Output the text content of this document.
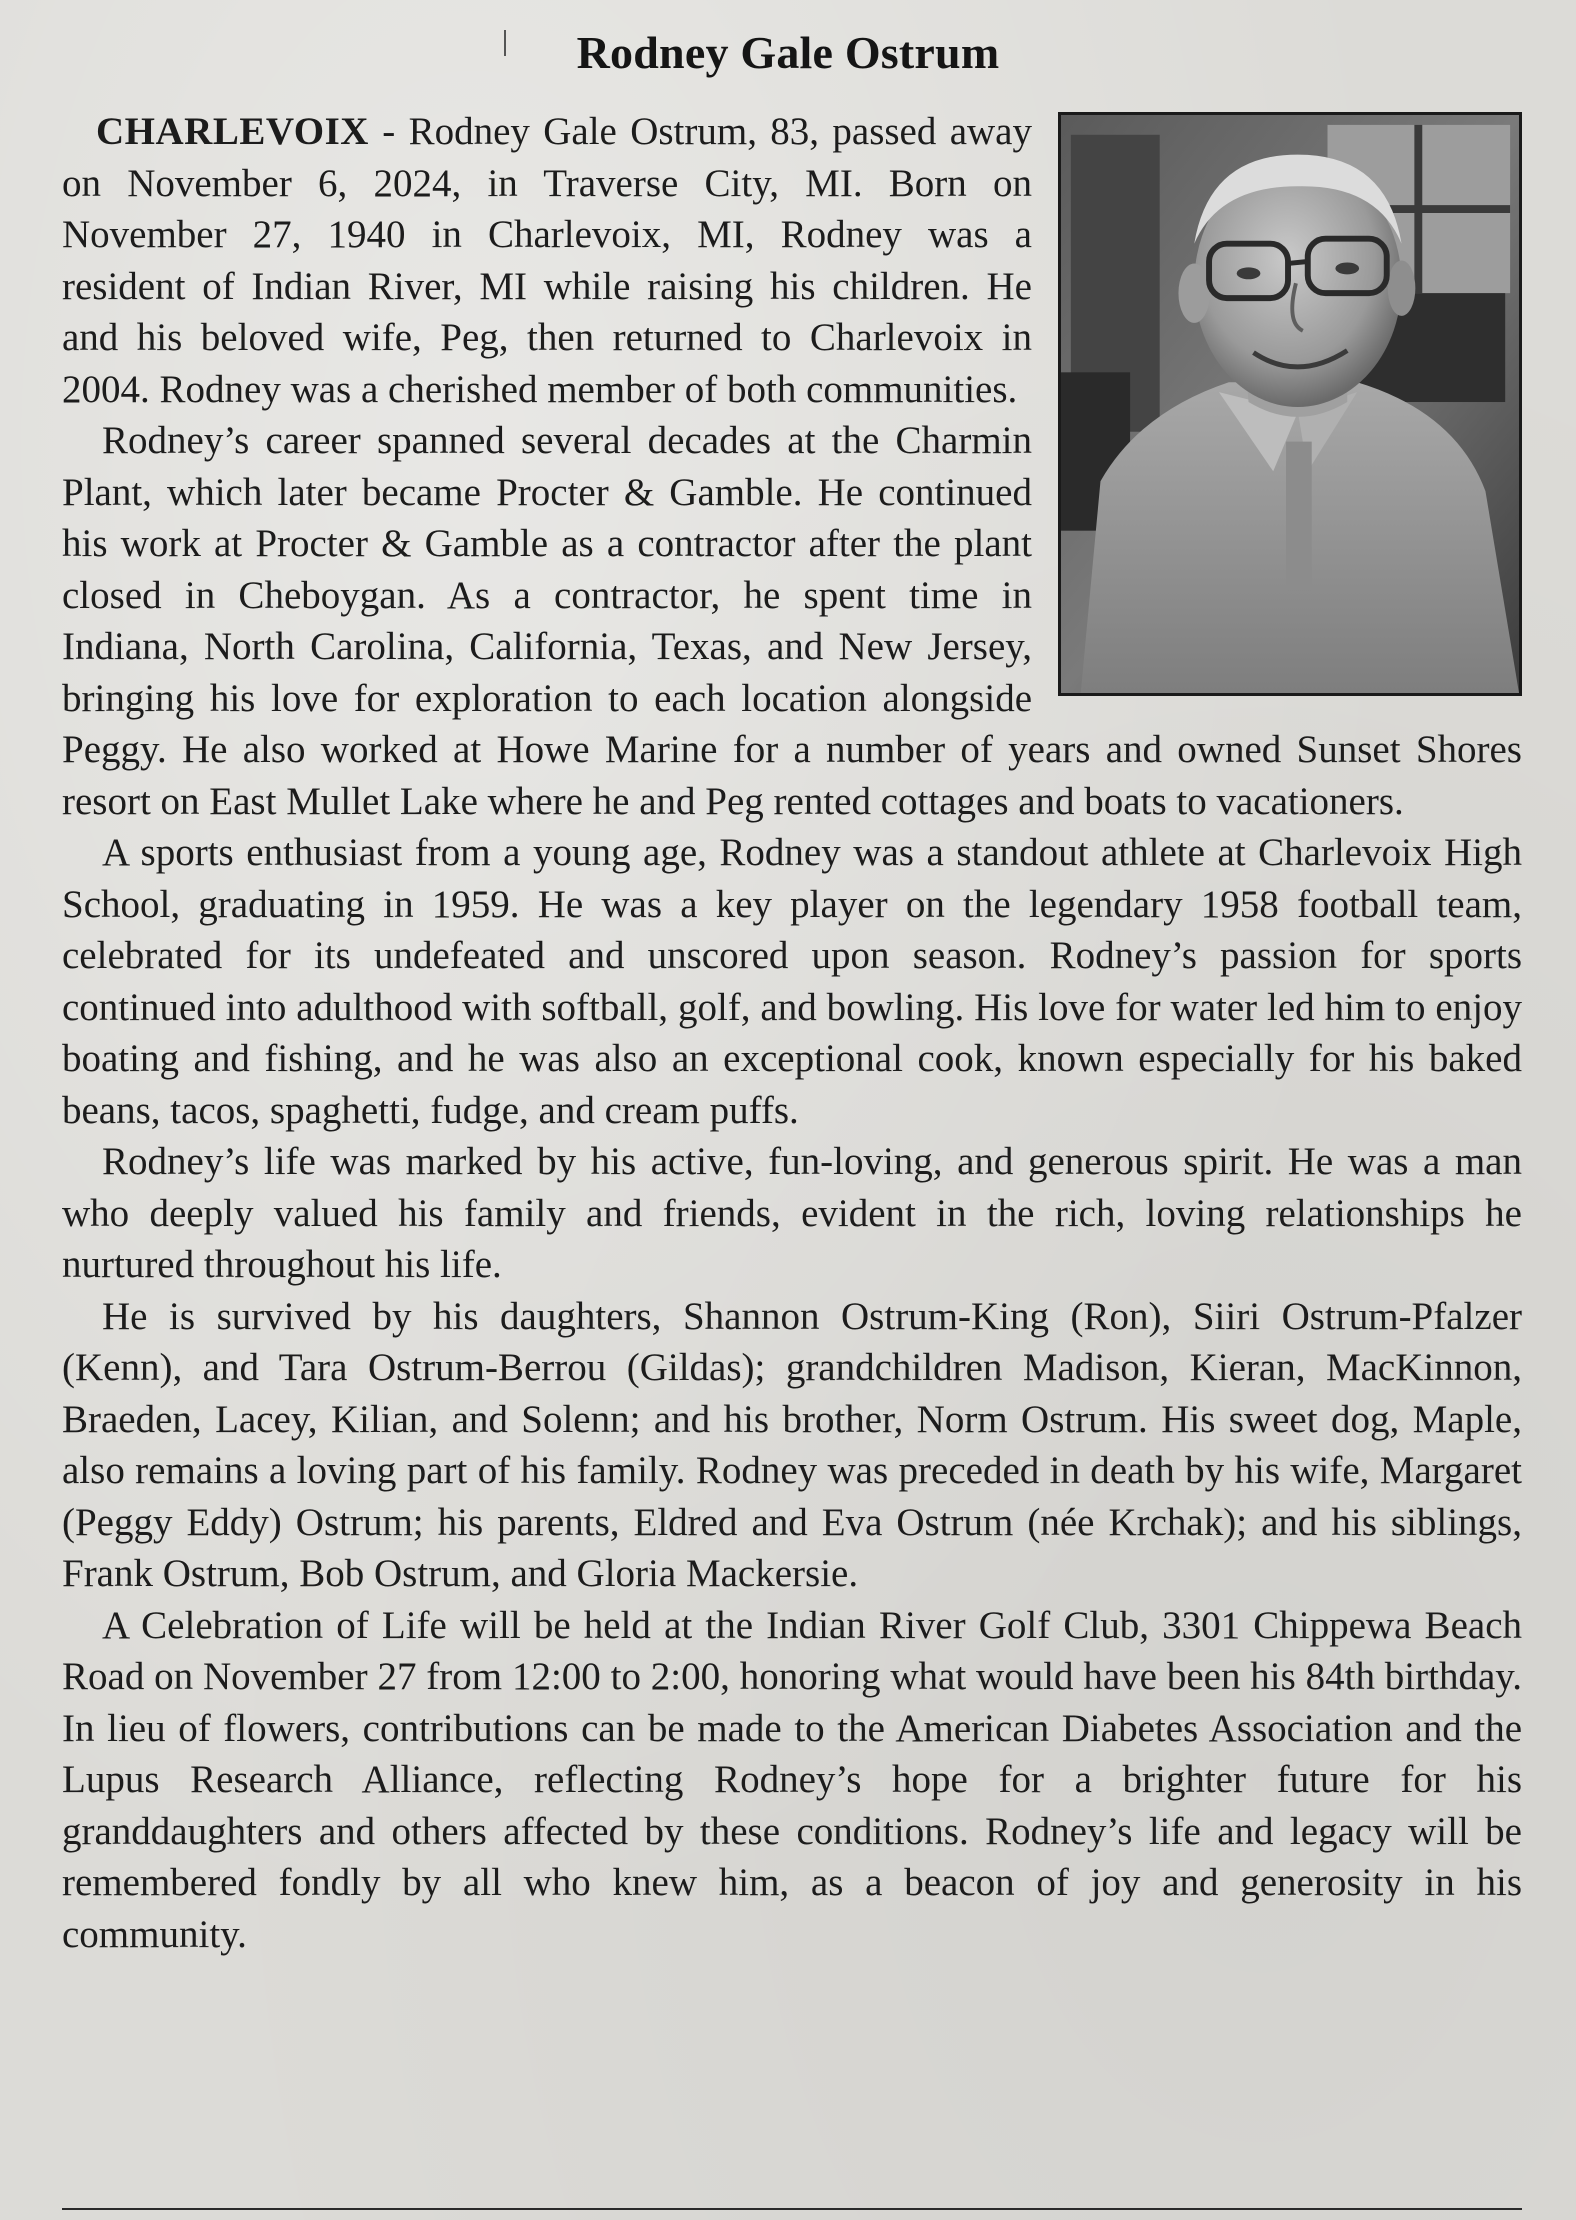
Rodney Gale Ostrum

CHARLEVOIX - Rodney Gale Ostrum, 83, passed away on November 6, 2024, in Traverse City, MI. Born on November 27, 1940 in Charlevoix, MI, Rodney was a resident of Indian River, MI while raising his children. He and his beloved wife, Peg, then returned to Charlevoix in 2004. Rodney was a cherished member of both communities.

Rodney’s career spanned several decades at the Charmin Plant, which later became Procter & Gamble. He continued his work at Procter & Gamble as a contractor after the plant closed in Cheboygan. As a contractor, he spent time in Indiana, North Carolina, California, Texas, and New Jersey, bringing his love for exploration to each location alongside Peggy. He also worked at Howe Marine for a number of years and owned Sunset Shores resort on East Mullet Lake where he and Peg rented cottages and boats to vacationers.

A sports enthusiast from a young age, Rodney was a standout athlete at Charlevoix High School, graduating in 1959. He was a key player on the legendary 1958 football team, celebrated for its undefeated and unscored upon season. Rodney’s passion for sports continued into adulthood with softball, golf, and bowling. His love for water led him to enjoy boating and fishing, and he was also an exceptional cook, known especially for his baked beans, tacos, spaghetti, fudge, and cream puffs.

Rodney’s life was marked by his active, fun-loving, and generous spirit. He was a man who deeply valued his family and friends, evident in the rich, loving relationships he nurtured throughout his life.

He is survived by his daughters, Shannon Ostrum-King (Ron), Siiri Ostrum-Pfalzer (Kenn), and Tara Ostrum-Berrou (Gildas); grandchildren Madison, Kieran, MacKinnon, Braeden, Lacey, Kilian, and Solenn; and his brother, Norm Ostrum. His sweet dog, Maple, also remains a loving part of his family. Rodney was preceded in death by his wife, Margaret (Peggy Eddy) Ostrum; his parents, Eldred and Eva Ostrum (née Krchak); and his siblings, Frank Ostrum, Bob Ostrum, and Gloria Mackersie.

A Celebration of Life will be held at the Indian River Golf Club, 3301 Chippewa Beach Road on November 27 from 12:00 to 2:00, honoring what would have been his 84th birthday. In lieu of flowers, contributions can be made to the American Diabetes Association and the Lupus Research Alliance, reflecting Rodney’s hope for a brighter future for his granddaughters and others affected by these conditions. Rodney’s life and legacy will be remembered fondly by all who knew him, as a beacon of joy and generosity in his community.
